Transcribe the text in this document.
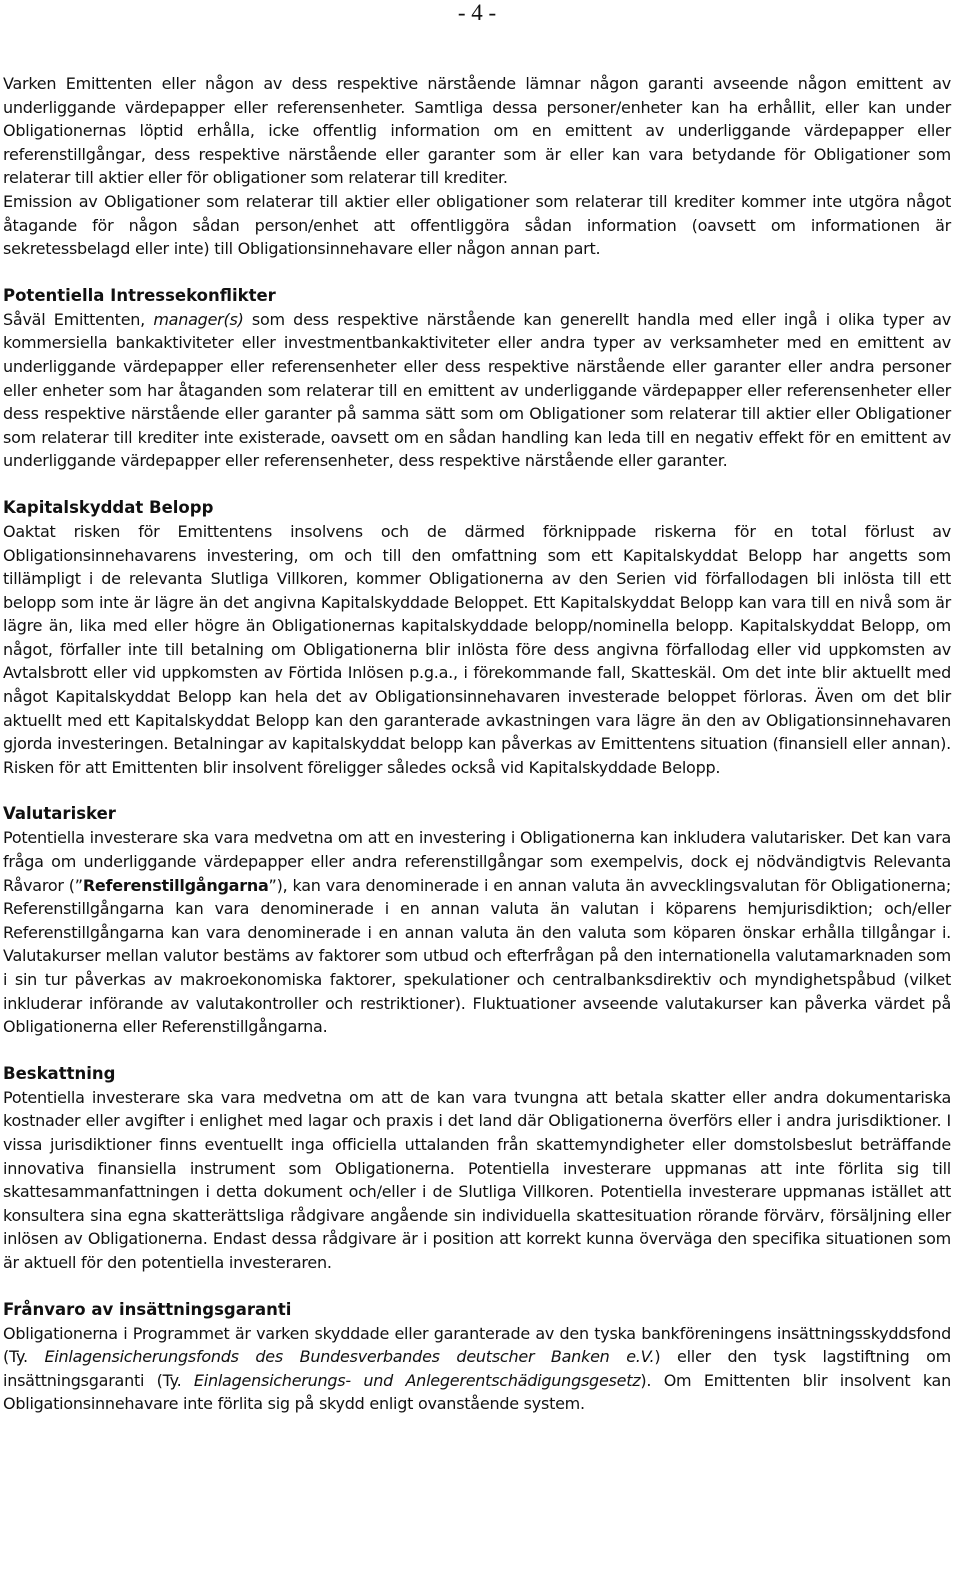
- 4 -

Varken Emittenten eller någon av dess respektive närstående lämnar någon garanti avseende någon emittent av underliggande värdepapper eller referensenheter. Samtliga dessa personer/enheter kan ha erhållit, eller kan under Obligationernas löptid erhålla, icke offentlig information om en emittent av underliggande värdepapper eller referenstillgångar, dess respektive närstående eller garanter som är eller kan vara betydande för Obligationer som relaterar till aktier eller för obligationer som relaterar till krediter.

Emission av Obligationer som relaterar till aktier eller obligationer som relaterar till krediter kommer inte utgöra något åtagande för någon sådan person/enhet att offentliggöra sådan information (oavsett om informationen är sekretessbelagd eller inte) till Obligationsinnehavare eller någon annan part.

Potentiella Intressekonflikter

Såväl Emittenten, manager(s) som dess respektive närstående kan generellt handla med eller ingå i olika typer av kommersiella bankaktiviteter eller investmentbankaktiviteter eller andra typer av verksamheter med en emittent av underliggande värdepapper eller referensenheter eller dess respektive närstående eller garanter eller andra personer eller enheter som har åtaganden som relaterar till en emittent av underliggande värdepapper eller referensenheter eller dess respektive närstående eller garanter på samma sätt som om Obligationer som relaterar till aktier eller Obligationer som relaterar till krediter inte existerade, oavsett om en sådan handling kan leda till en negativ effekt för en emittent av underliggande värdepapper eller referensenheter, dess respektive närstående eller garanter.

Kapitalskyddat Belopp

Oaktat risken för Emittentens insolvens och de därmed förknippade riskerna för en total förlust av Obligationsinnehavarens investering, om och till den omfattning som ett Kapitalskyddat Belopp har angetts som tillämpligt i de relevanta Slutliga Villkoren, kommer Obligationerna av den Serien vid förfallodagen bli inlösta till ett belopp som inte är lägre än det angivna Kapitalskyddade Beloppet. Ett Kapitalskyddat Belopp kan vara till en nivå som är lägre än, lika med eller högre än Obligationernas kapitalskyddade belopp/nominella belopp. Kapitalskyddat Belopp, om något, förfaller inte till betalning om Obligationerna blir inlösta före dess angivna förfallodag eller vid uppkomsten av Avtalsbrott eller vid uppkomsten av Förtida Inlösen p.g.a., i förekommande fall, Skatteskäl. Om det inte blir aktuellt med något Kapitalskyddat Belopp kan hela det av Obligationsinnehavaren investerade beloppet förloras. Även om det blir aktuellt med ett Kapitalskyddat Belopp kan den garanterade avkastningen vara lägre än den av Obligationsinnehavaren gjorda investeringen. Betalningar av kapitalskyddat belopp kan påverkas av Emittentens situation (finansiell eller annan). Risken för att Emittenten blir insolvent föreligger således också vid Kapitalskyddade Belopp.

Valutarisker

Potentiella investerare ska vara medvetna om att en investering i Obligationerna kan inkludera valutarisker. Det kan vara fråga om underliggande värdepapper eller andra referenstillgångar som exempelvis, dock ej nödvändigtvis Relevanta Råvaror (”Referenstillgångarna”), kan vara denominerade i en annan valuta än avvecklingsvalutan för Obligationerna; Referenstillgångarna kan vara denominerade i en annan valuta än valutan i köparens hemjurisdiktion; och/eller Referenstillgångarna kan vara denominerade i en annan valuta än den valuta som köparen önskar erhålla tillgångar i. Valutakurser mellan valutor bestäms av faktorer som utbud och efterfrågan på den internationella valutamarknaden som i sin tur påverkas av makroekonomiska faktorer, spekulationer och centralbanksdirektiv och myndighetspåbud (vilket inkluderar införande av valutakontroller och restriktioner). Fluktuationer avseende valutakurser kan påverka värdet på Obligationerna eller Referenstillgångarna.

Beskattning

Potentiella investerare ska vara medvetna om att de kan vara tvungna att betala skatter eller andra dokumentariska kostnader eller avgifter i enlighet med lagar och praxis i det land där Obligationerna överförs eller i andra jurisdiktioner. I vissa jurisdiktioner finns eventuellt inga officiella uttalanden från skattemyndigheter eller domstolsbeslut beträffande innovativa finansiella instrument som Obligationerna. Potentiella investerare uppmanas att inte förlita sig till skattesammanfattningen i detta dokument och/eller i de Slutliga Villkoren. Potentiella investerare uppmanas istället att konsultera sina egna skatterättsliga rådgivare angående sin individuella skattesituation rörande förvärv, försäljning eller inlösen av Obligationerna. Endast dessa rådgivare är i position att korrekt kunna överväga den specifika situationen som är aktuell för den potentiella investeraren.

Frånvaro av insättningsgaranti

Obligationerna i Programmet är varken skyddade eller garanterade av den tyska bankföreningens insättningsskyddsfond (Ty. Einlagensicherungsfonds des Bundesverbandes deutscher Banken e.V.) eller den tysk lagstiftning om insättningsgaranti (Ty. Einlagensicherungs- und Anlegerentschädigungsgesetz). Om Emittenten blir insolvent kan Obligationsinnehavare inte förlita sig på skydd enligt ovanstående system.
